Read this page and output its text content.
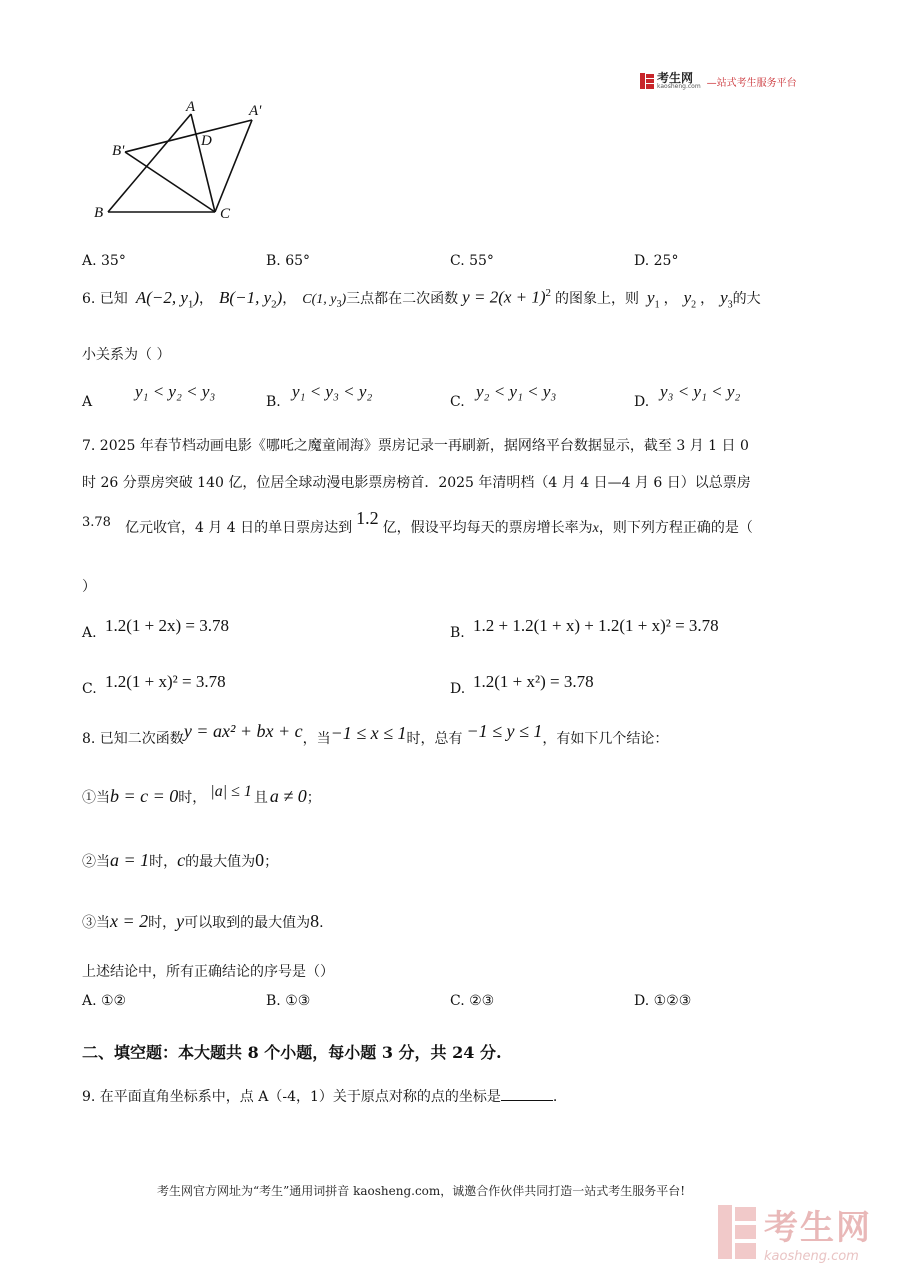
考生网
kaosheng.com —站式考生服务平台
A	A'
B'
D
B	C
A. 35°	B. 65°	C. 55°	D. 25°
6. 已知 A(−2, $y_1$) ， B(−1, $y_2$) ， C(1, $y_3$) 三点都在二次函数 $y = 2(x + 1)^2$ 的图象上，则 $y_1$ ， $y_2$ ， $y_3$ 的大
小关系为（ ）
A
y₁ < y₂ < y₃
B.
y₁ < y₃ < y₂
C.
y₂ < y₁ < y₃
D.
y₃ < y₁ < y₂
7. 2025 年春节档动画电影《哪吒之魔童闹海》票房记录一再刷新，据网络平台数据显示，截至 3 月 1 日 0
时 26 分票房突破 140 亿，位居全球动漫电影票房榜首．2025 年清明档（4 月 4 日—4 月 6 日）以总票房
3.78 亿元收官，4 月 4 日的单日票房达到 1.2 亿，假设平均每天的票房增长率为 x ，则下列方程正确的是（
）
A. 1.2(1 + 2x) = 3.78	B. 1.2 + 1.2(1 + x) + 1.2(1 + x)² = 3.78
C. 1.2(1 + x)² = 3.78	D. 1.2(1 + x²) = 3.78
8. 已知二次函数 y = ax² + bx + c ，当 −1 ≤ x ≤ 1 时，总有 −1 ≤ y ≤ 1 ，有如下几个结论：
①当 b = c = 0 时， |a| ≤ 1 且 a ≠ 0 ；
②当 a = 1 时， c 的最大值为 0 ；
③当 x = 2 时， y 可以取到的最大值为 8 .
上述结论中，所有正确结论的序号是（）
A. ①②	B. ①③	C. ②③	D. ①②③
二、填空题：本大题共 8 个小题，每小题 3 分，共 24 分.
9. 在平面直角坐标系中，点 A（-4，1）关于原点对称的点的坐标是	.
考生网官方网址为“考生”通用词拼音 kaosheng.com，诚邀合作伙伴共同打造一站式考生服务平台!
考生网
kaosheng.com
